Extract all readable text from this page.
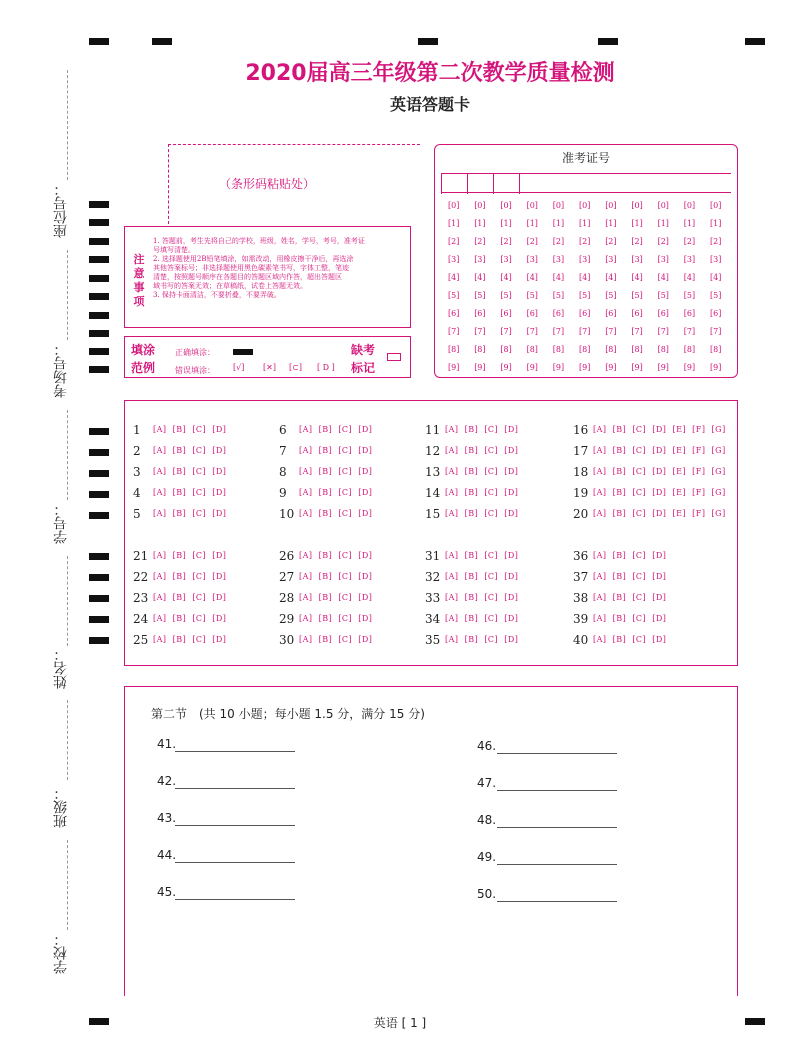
座位号：
考场号：
学号：
姓名：
班级：
学校：
2020届高三年级第二次教学质量检测
英语答题卡
（条形码粘贴处）
注
意
事
项
1. 答题前，考生先将自己的学校，班级，姓名，学号，考号，准考证
号填写清楚。
2. 选择题使用2B铅笔填涂，如需改动，用橡皮擦干净后，再选涂
其他答案标号；非选择题使用黑色碳素笔书写，字体工整，笔迹
清楚，按照题号顺序在各题目的答题区域内作答，超出答题区
域书写的答案无效；在草稿纸，试卷上答题无效。
3. 保持卡面清洁，不要折叠，不要弄破。
填涂
范例
正确填涂：
错误填涂： [√] [✕] [⊂] [ D ]
缺考
标记
准考证号
[0]
[1]
[2]
[3]
[4]
[5]
[6]
[7]
[8]
[9]
[0]
[1]
[2]
[3]
[4]
[5]
[6]
[7]
[8]
[9]
[0]
[1]
[2]
[3]
[4]
[5]
[6]
[7]
[8]
[9]
[0]
[1]
[2]
[3]
[4]
[5]
[6]
[7]
[8]
[9]
[0]
[1]
[2]
[3]
[4]
[5]
[6]
[7]
[8]
[9]
[0]
[1]
[2]
[3]
[4]
[5]
[6]
[7]
[8]
[9]
[0]
[1]
[2]
[3]
[4]
[5]
[6]
[7]
[8]
[9]
[0]
[1]
[2]
[3]
[4]
[5]
[6]
[7]
[8]
[9]
[0]
[1]
[2]
[3]
[4]
[5]
[6]
[7]
[8]
[9]
[0]
[1]
[2]
[3]
[4]
[5]
[6]
[7]
[8]
[9]
[0]
[1]
[2]
[3]
[4]
[5]
[6]
[7]
[8]
[9]
1 [A]  [B]  [C]  [D]
2 [A]  [B]  [C]  [D]
3 [A]  [B]  [C]  [D]
4 [A]  [B]  [C]  [D]
5 [A]  [B]  [C]  [D]
6 [A]  [B]  [C]  [D]
7 [A]  [B]  [C]  [D]
8 [A]  [B]  [C]  [D]
9 [A]  [B]  [C]  [D]
10 [A]  [B]  [C]  [D]
11 [A]  [B]  [C]  [D]
12 [A]  [B]  [C]  [D]
13 [A]  [B]  [C]  [D]
14 [A]  [B]  [C]  [D]
15 [A]  [B]  [C]  [D]
16 [A]  [B]  [C]  [D]  [E]  [F]  [G]
17 [A]  [B]  [C]  [D]  [E]  [F]  [G]
18 [A]  [B]  [C]  [D]  [E]  [F]  [G]
19 [A]  [B]  [C]  [D]  [E]  [F]  [G]
20 [A]  [B]  [C]  [D]  [E]  [F]  [G]
21 [A]  [B]  [C]  [D]
22 [A]  [B]  [C]  [D]
23 [A]  [B]  [C]  [D]
24 [A]  [B]  [C]  [D]
25 [A]  [B]  [C]  [D]
26 [A]  [B]  [C]  [D]
27 [A]  [B]  [C]  [D]
28 [A]  [B]  [C]  [D]
29 [A]  [B]  [C]  [D]
30 [A]  [B]  [C]  [D]
31 [A]  [B]  [C]  [D]
32 [A]  [B]  [C]  [D]
33 [A]  [B]  [C]  [D]
34 [A]  [B]  [C]  [D]
35 [A]  [B]  [C]  [D]
36 [A]  [B]  [C]  [D]
37 [A]  [B]  [C]  [D]
38 [A]  [B]  [C]  [D]
39 [A]  [B]  [C]  [D]
40 [A]  [B]  [C]  [D]
第二节　(共 10 小题；每小题 1.5 分，满分 15 分)
41.
42.
43.
44.
45.
46.
47.
48.
49.
50.
英语 [ 1 ]
